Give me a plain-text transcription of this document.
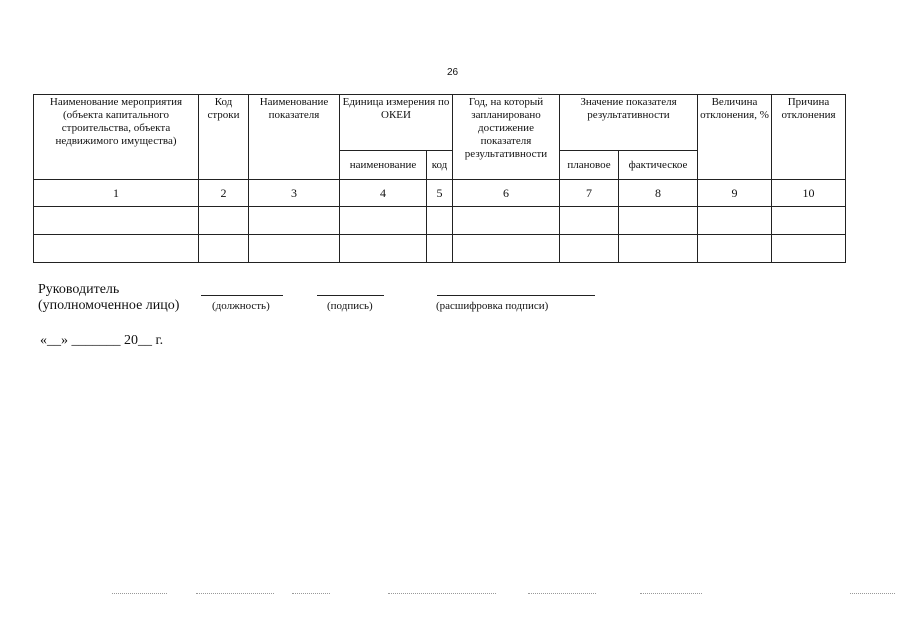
26
Наименование мероприятия (объекта капитального строительства, объекта недвижимого имущества)	Код строки	Наименование показателя	Единица измерения по ОКЕИ		Год, на который запланировано достижение показателя результативности	Значение показателя результативности		Величина отклонения, %	Причина отклонения
			наименование	код		плановое	фактическое		
1	2	3	4	5	6	7	8	9	10

Руководитель
(уполномоченное лицо)	(должность)	(подпись)	(расшифровка подписи)
«__» _______ 20__ г.
